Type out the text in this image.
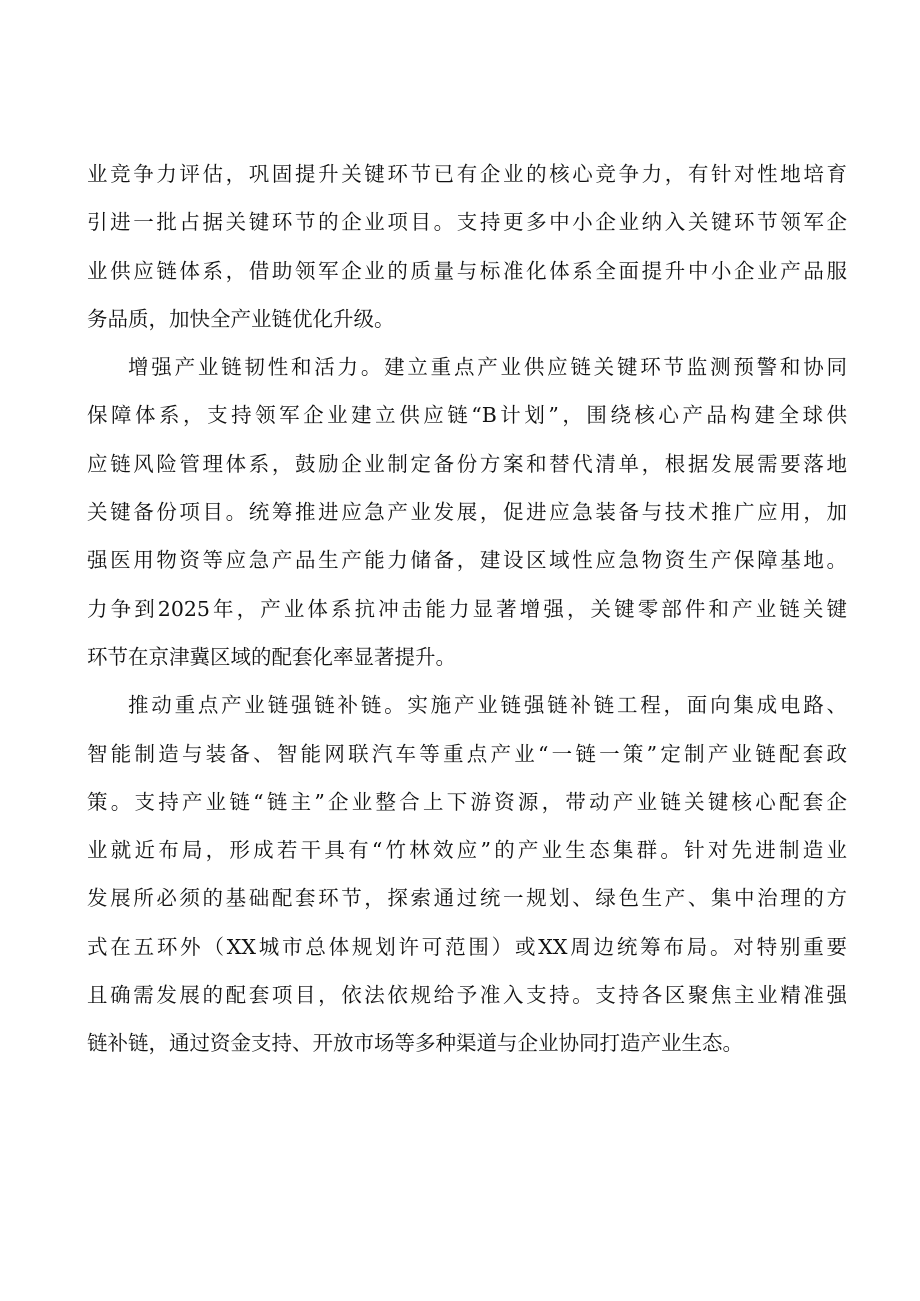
业竞争力评估，巩固提升关键环节已有企业的核心竞争力，有针对性地培育
引进一批占据关键环节的企业项目。支持更多中小企业纳入关键环节领军企
业供应链体系，借助领军企业的质量与标准化体系全面提升中小企业产品服
务品质，加快全产业链优化升级。
增强产业链韧性和活力。建立重点产业供应链关键环节监测预警和协同
保障体系，支持领军企业建立供应链“B计划”，围绕核心产品构建全球供
应链风险管理体系，鼓励企业制定备份方案和替代清单，根据发展需要落地
关键备份项目。统筹推进应急产业发展，促进应急装备与技术推广应用，加
强医用物资等应急产品生产能力储备，建设区域性应急物资生产保障基地。
力争到2025年，产业体系抗冲击能力显著增强，关键零部件和产业链关键
环节在京津冀区域的配套化率显著提升。
推动重点产业链强链补链。实施产业链强链补链工程，面向集成电路、
智能制造与装备、智能网联汽车等重点产业“一链一策”定制产业链配套政
策。支持产业链“链主”企业整合上下游资源，带动产业链关键核心配套企
业就近布局，形成若干具有“竹林效应”的产业生态集群。针对先进制造业
发展所必须的基础配套环节，探索通过统一规划、绿色生产、集中治理的方
式在五环外（XX城市总体规划许可范围）或XX周边统筹布局。对特别重要
且确需发展的配套项目，依法依规给予准入支持。支持各区聚焦主业精准强
链补链，通过资金支持、开放市场等多种渠道与企业协同打造产业生态。
